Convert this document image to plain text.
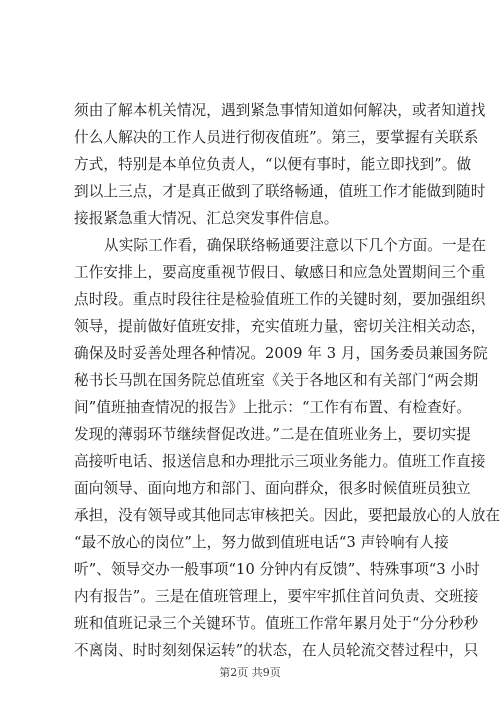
须由了解本机关情况，遇到紧急事情知道如何解决，或者知道找
什么人解决的工作人员进行彻夜值班”。第三，要掌握有关联系
方式，特别是本单位负责人，“以便有事时，能立即找到”。做
到以上三点，才是真正做到了联络畅通，值班工作才能做到随时
接报紧急重大情况、汇总突发事件信息。
从实际工作看，确保联络畅通要注意以下几个方面。一是在
工作安排上，要高度重视节假日、敏感日和应急处置期间三个重
点时段。重点时段往往是检验值班工作的关键时刻，要加强组织
领导，提前做好值班安排，充实值班力量，密切关注相关动态，
确保及时妥善处理各种情况。2009 年 3 月，国务委员兼国务院
秘书长马凯在国务院总值班室《关于各地区和有关部门“两会期
间”值班抽查情况的报告》上批示：“工作有布置、有检查好。
发现的薄弱环节继续督促改进。”二是在值班业务上，要切实提
高接听电话、报送信息和办理批示三项业务能力。值班工作直接
面向领导、面向地方和部门、面向群众，很多时候值班员独立
承担，没有领导或其他同志审核把关。因此，要把最放心的人放在
“最不放心的岗位”上，努力做到值班电话“3 声铃响有人接
听”、领导交办一般事项“10 分钟内有反馈”、特殊事项“3 小时
内有报告”。三是在值班管理上，要牢牢抓住首问负责、交班接
班和值班记录三个关键环节。值班工作常年累月处于“分分秒秒
不离岗、时时刻刻保运转”的状态，在人员轮流交替过程中，只
第2页 共9页
